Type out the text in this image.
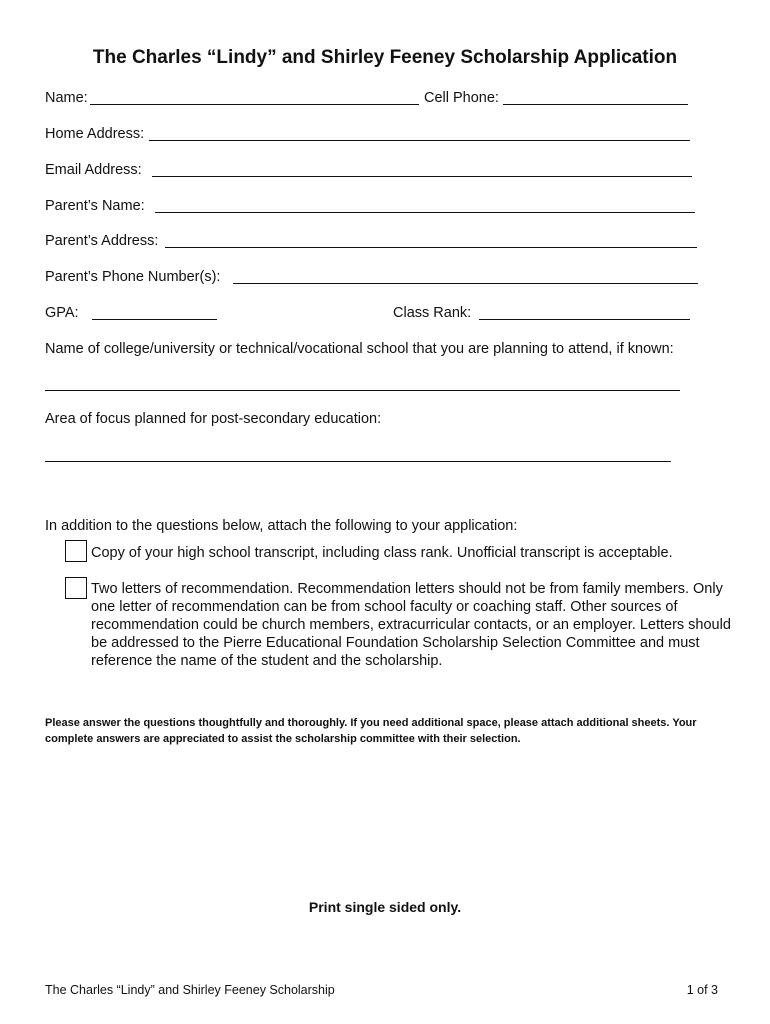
The Charles “Lindy” and Shirley Feeney Scholarship Application
Name:	Cell Phone:
Home Address:
Email Address:
Parent’s Name:
Parent’s Address:
Parent’s Phone Number(s):
GPA:	Class Rank:
Name of college/university or technical/vocational school that you are planning to attend, if known:
Area of focus planned for post-secondary education:
In addition to the questions below, attach the following to your application:
Copy of your high school transcript, including class rank. Unofficial transcript is acceptable.
Two letters of recommendation. Recommendation letters should not be from family members. Only one letter of recommendation can be from school faculty or coaching staff. Other sources of recommendation could be church members, extracurricular contacts, or an employer. Letters should be addressed to the Pierre Educational Foundation Scholarship Selection Committee and must reference the name of the student and the scholarship.
Please answer the questions thoughtfully and thoroughly. If you need additional space, please attach additional sheets. Your complete answers are appreciated to assist the scholarship committee with their selection.
Print single sided only.
The Charles “Lindy” and Shirley Feeney Scholarship	1 of 3
